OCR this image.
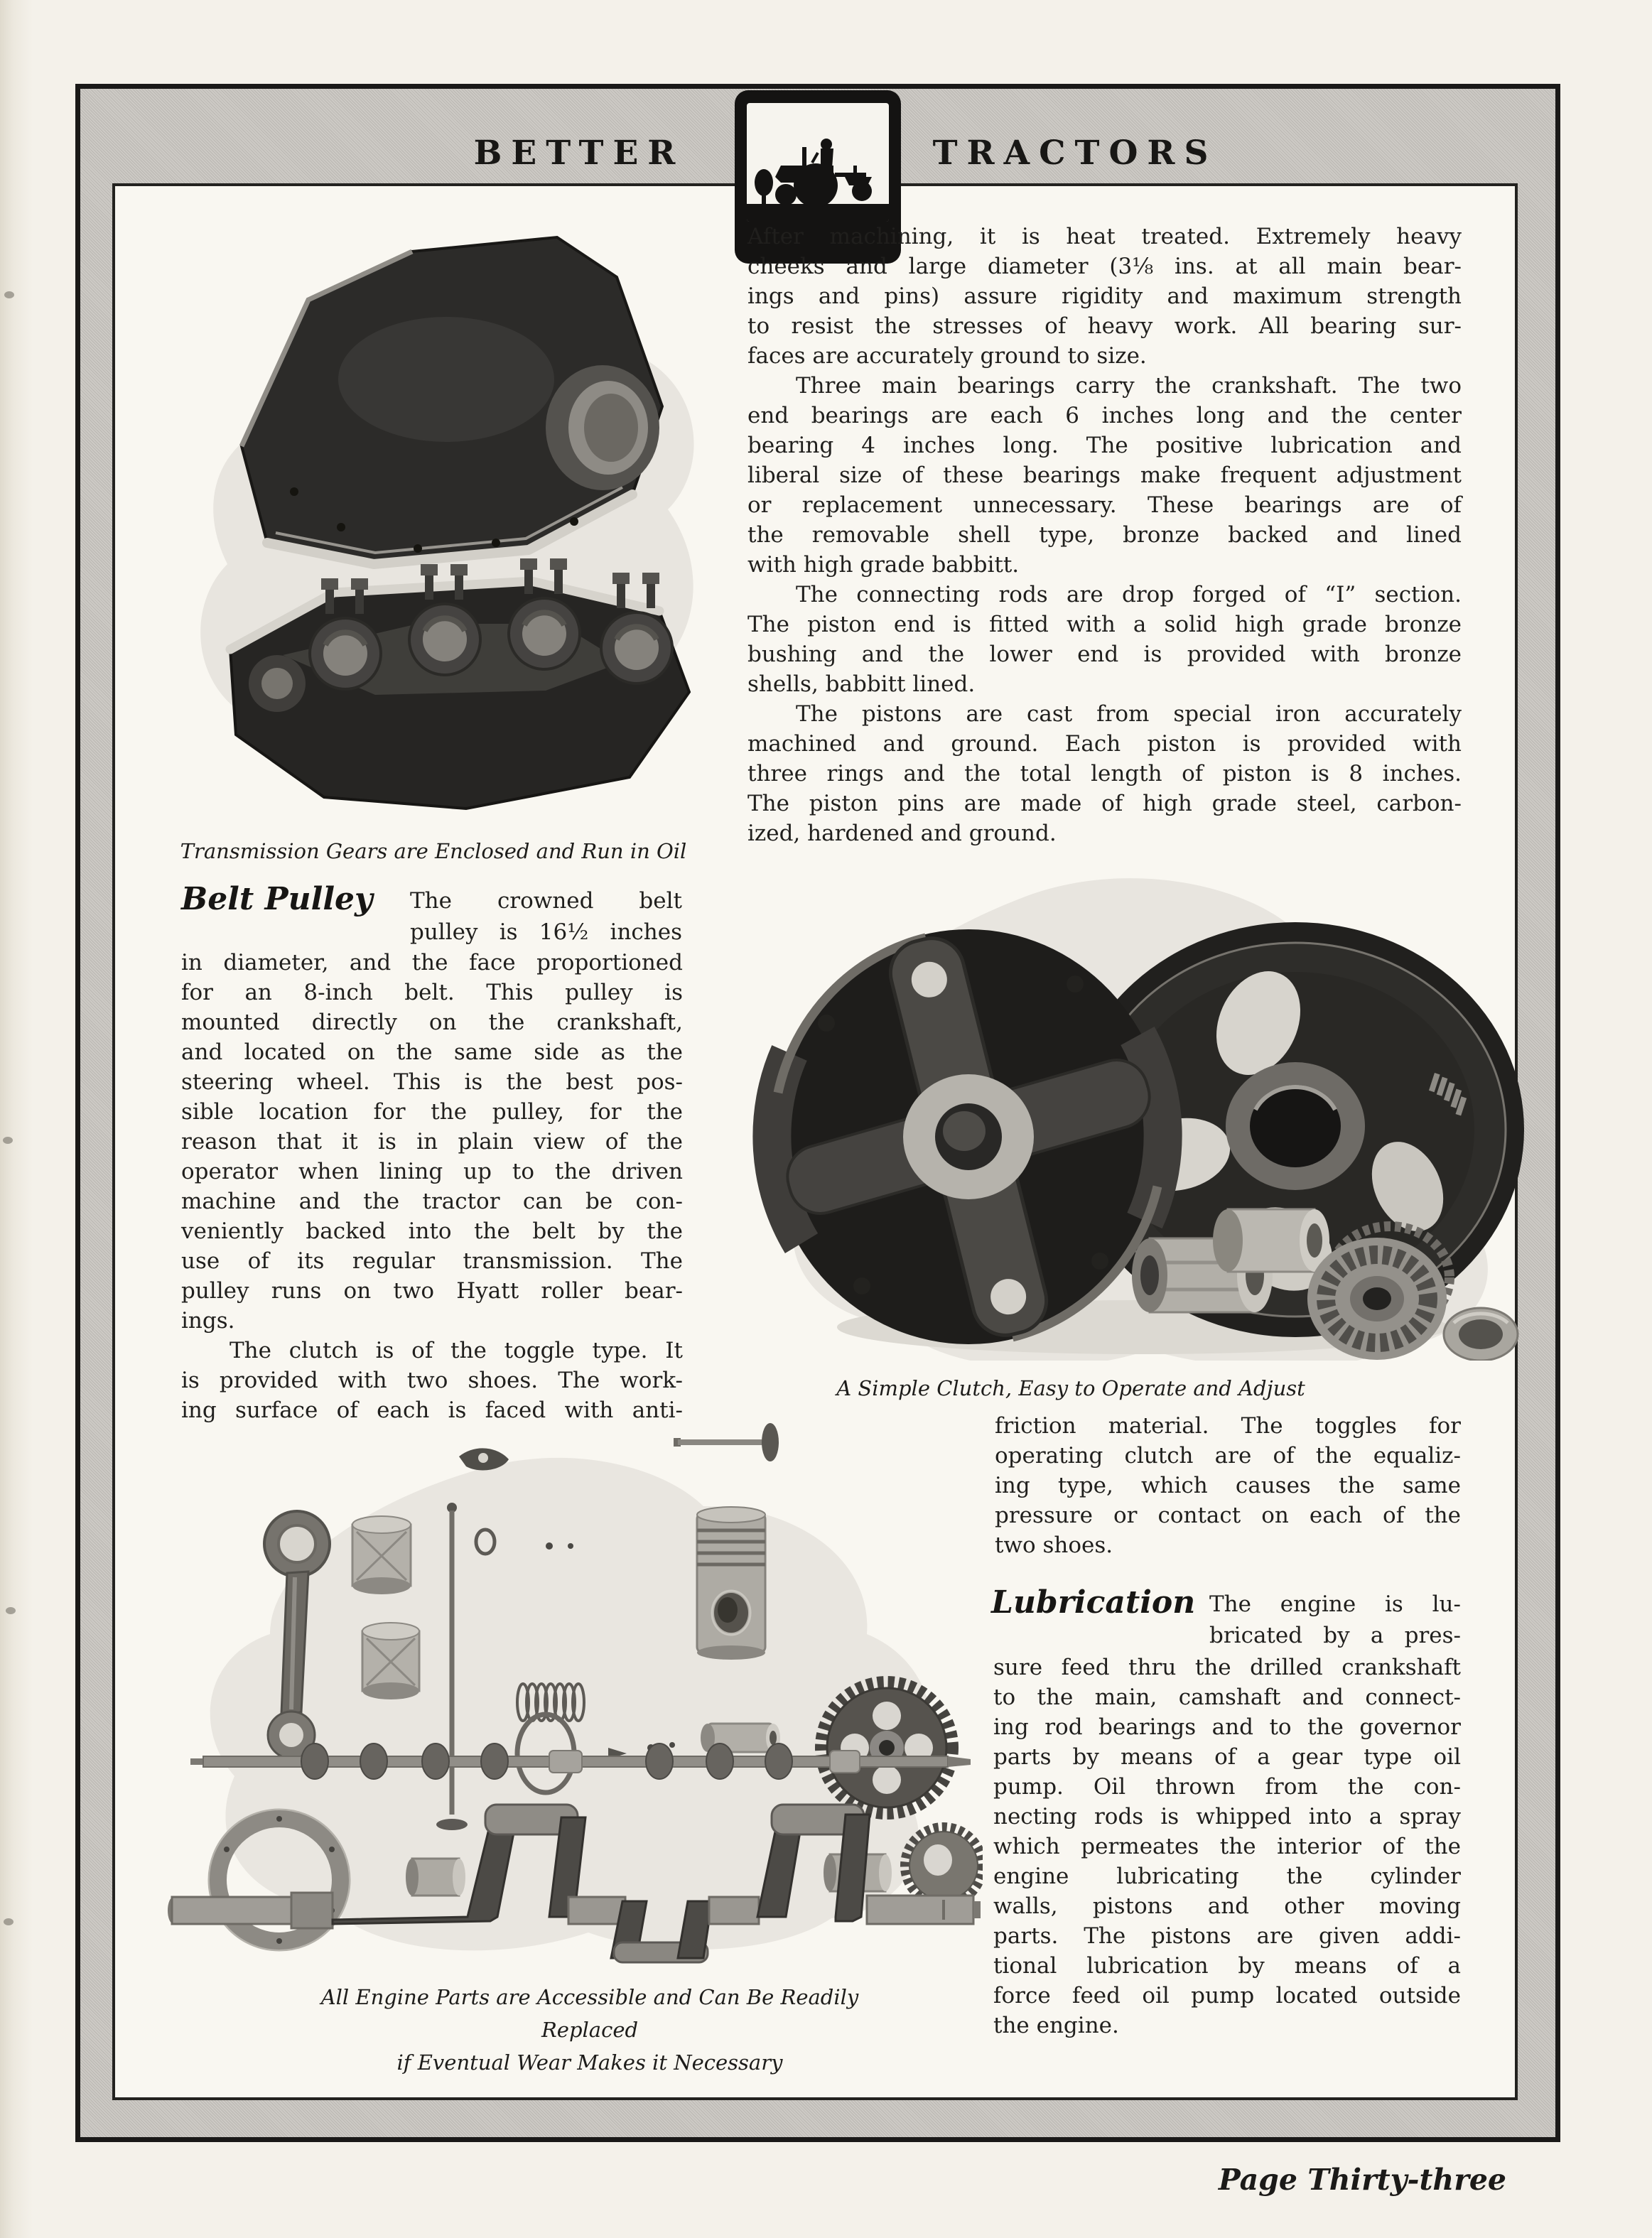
BETTER	TRACTORS
Transmission Gears are Enclosed and Run in Oil
After machining, it is heat treated. Extremely heavy
cheeks and large diameter (3⅛ ins. at all main bear-
ings and pins) assure rigidity and maximum strength
to resist the stresses of heavy work. All bearing sur-
faces are accurately ground to size.
Three main bearings carry the crankshaft. The two
end bearings are each 6 inches long and the center
bearing 4 inches long. The positive lubrication and
liberal size of these bearings make frequent adjustment
or replacement unnecessary. These bearings are of
the removable shell type, bronze backed and lined
with high grade babbitt.
The connecting rods are drop forged of “I” section.
The piston end is fitted with a solid high grade bronze
bushing and the lower end is provided with bronze
shells, babbitt lined.
The pistons are cast from special iron accurately
machined and ground. Each piston is provided with
three rings and the total length of piston is 8 inches.
The piston pins are made of high grade steel, carbon-
ized, hardened and ground.
Belt Pulley The crowned belt
pulley is 16½ inches
in diameter, and the face proportioned
for an 8-inch belt. This pulley is
mounted directly on the crankshaft,
and located on the same side as the
steering wheel. This is the best pos-
sible location for the pulley, for the
reason that it is in plain view of the
operator when lining up to the driven
machine and the tractor can be con-
veniently backed into the belt by the
use of its regular transmission. The
pulley runs on two Hyatt roller bear-
ings.
The clutch is of the toggle type. It
is provided with two shoes. The work-
ing surface of each is faced with anti-
A Simple Clutch, Easy to Operate and Adjust
friction material. The toggles for
operating clutch are of the equaliz-
ing type, which causes the same
pressure or contact on each of the
two shoes.
Lubrication The engine is lu-
bricated by a pres-
sure feed thru the drilled crankshaft
to the main, camshaft and connect-
ing rod bearings and to the governor
parts by means of a gear type oil
pump. Oil thrown from the con-
necting rods is whipped into a spray
which permeates the interior of the
engine lubricating the cylinder
walls, pistons and other moving
parts. The pistons are given addi-
tional lubrication by means of a
force feed oil pump located outside
the engine.
All Engine Parts are Accessible and Can Be Readily Replaced
if Eventual Wear Makes it Necessary
Page Thirty-three
